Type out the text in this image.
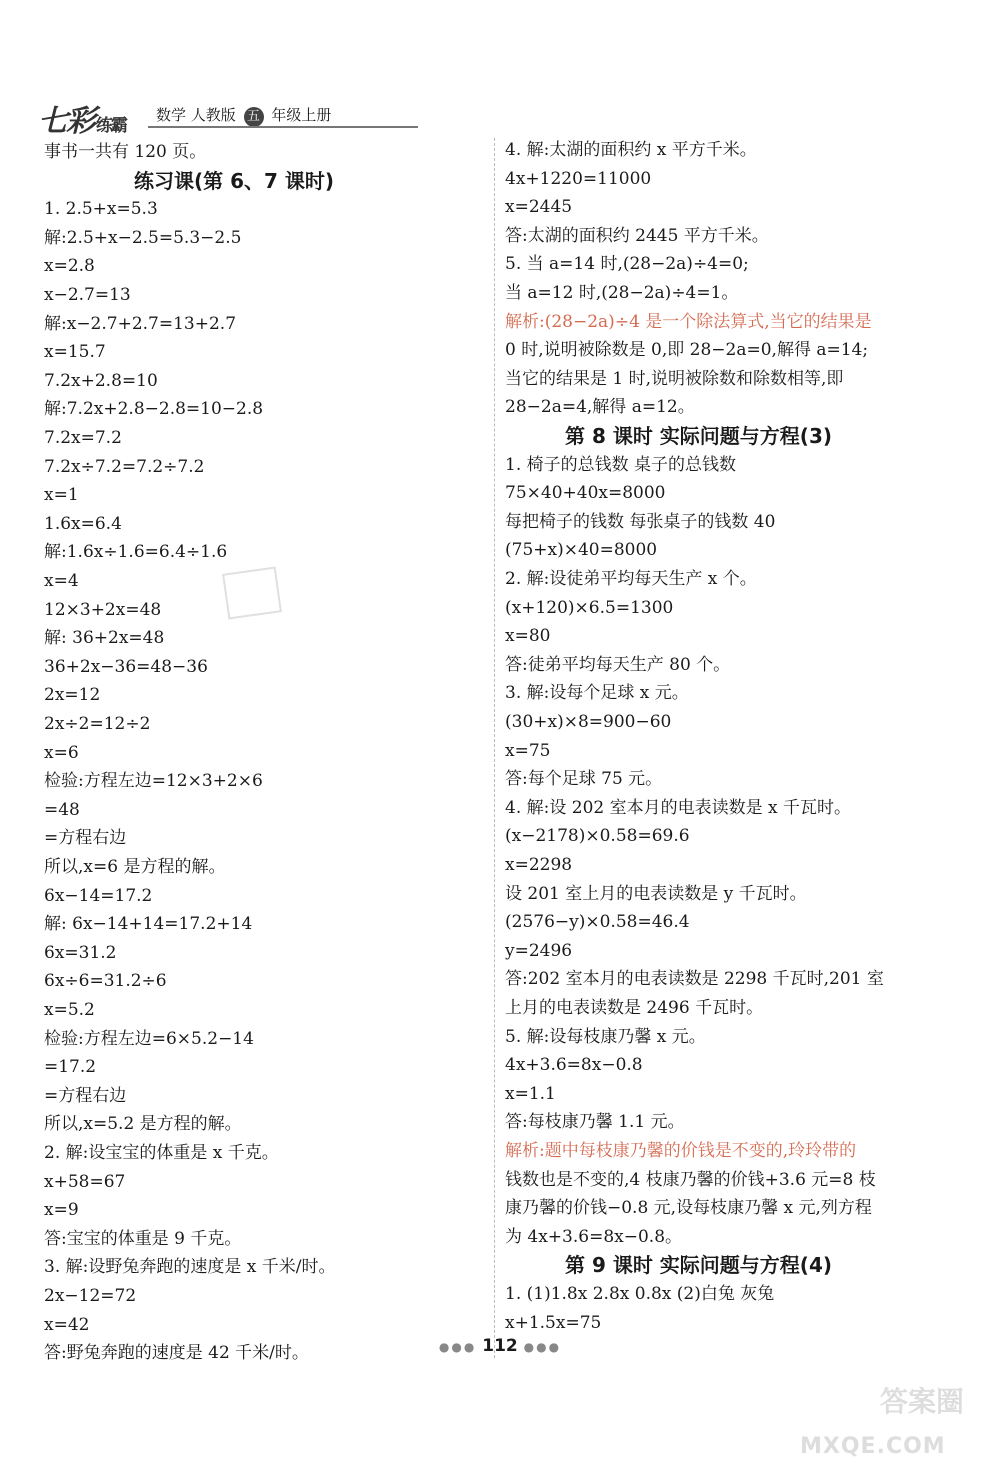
七彩 练霸
数学 人教版 五 年级上册
事书一共有 120 页。
练习课(第 6、7 课时)
1. 2.5+x=5.3
解:2.5+x−2.5=5.3−2.5
x=2.8
x−2.7=13
解:x−2.7+2.7=13+2.7
x=15.7
7.2x+2.8=10
解:7.2x+2.8−2.8=10−2.8
7.2x=7.2
7.2x÷7.2=7.2÷7.2
x=1
1.6x=6.4
解:1.6x÷1.6=6.4÷1.6
x=4
12×3+2x=48
解: 36+2x=48
36+2x−36=48−36
2x=12
2x÷2=12÷2
x=6
检验:方程左边=12×3+2×6
=48
=方程右边
所以,x=6 是方程的解。
6x−14=17.2
解: 6x−14+14=17.2+14
6x=31.2
6x÷6=31.2÷6
x=5.2
检验:方程左边=6×5.2−14
=17.2
=方程右边
所以,x=5.2 是方程的解。
2. 解:设宝宝的体重是 x 千克。
x+58=67
x=9
答:宝宝的体重是 9 千克。
3. 解:设野兔奔跑的速度是 x 千米/时。
2x−12=72
x=42
答:野兔奔跑的速度是 42 千米/时。
4. 解:太湖的面积约 x 平方千米。
4x+1220=11000
x=2445
答:太湖的面积约 2445 平方千米。
5. 当 a=14 时,(28−2a)÷4=0;
当 a=12 时,(28−2a)÷4=1。
解析:(28−2a)÷4 是一个除法算式,当它的结果是
0 时,说明被除数是 0,即 28−2a=0,解得 a=14;
当它的结果是 1 时,说明被除数和除数相等,即
28−2a=4,解得 a=12。
第 8 课时 实际问题与方程(3)
1. 椅子的总钱数 桌子的总钱数
75×40+40x=8000
每把椅子的钱数 每张桌子的钱数 40
(75+x)×40=8000
2. 解:设徒弟平均每天生产 x 个。
(x+120)×6.5=1300
x=80
答:徒弟平均每天生产 80 个。
3. 解:设每个足球 x 元。
(30+x)×8=900−60
x=75
答:每个足球 75 元。
4. 解:设 202 室本月的电表读数是 x 千瓦时。
(x−2178)×0.58=69.6
x=2298
设 201 室上月的电表读数是 y 千瓦时。
(2576−y)×0.58=46.4
y=2496
答:202 室本月的电表读数是 2298 千瓦时,201 室
上月的电表读数是 2496 千瓦时。
5. 解:设每枝康乃馨 x 元。
4x+3.6=8x−0.8
x=1.1
答:每枝康乃馨 1.1 元。
解析:题中每枝康乃馨的价钱是不变的,玲玲带的
钱数也是不变的,4 枝康乃馨的价钱+3.6 元=8 枝
康乃馨的价钱−0.8 元,设每枝康乃馨 x 元,列方程
为 4x+3.6=8x−0.8。
第 9 课时 实际问题与方程(4)
1. (1)1.8x 2.8x 0.8x (2)白兔 灰兔
x+1.5x=75
●●● 112 ●●●
答案圈
MXQE.COM
